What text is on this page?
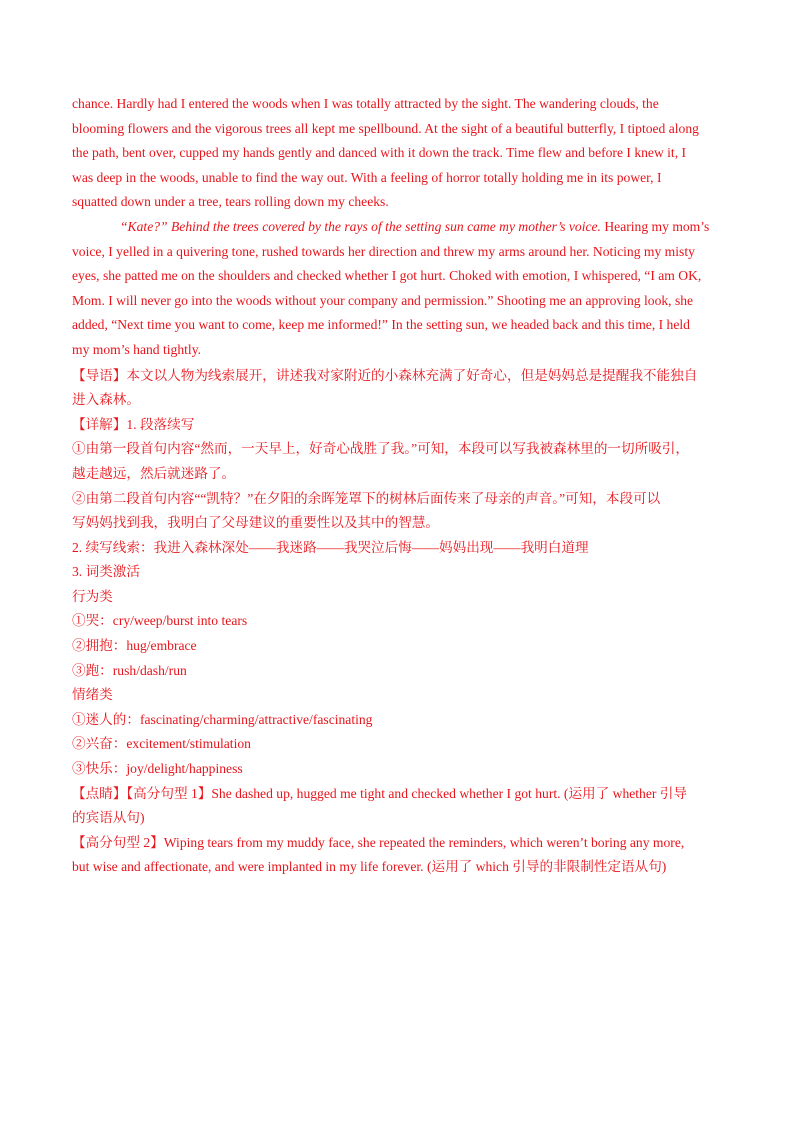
chance. Hardly had I entered the woods when I was totally attracted by the sight. The wandering clouds, the
blooming flowers and the vigorous trees all kept me spellbound. At the sight of a beautiful butterfly, I tiptoed along
the path, bent over, cupped my hands gently and danced with it down the track. Time flew and before I knew it, I
was deep in the woods, unable to find the way out. With a feeling of horror totally holding me in its power, I
squatted down under a tree, tears rolling down my cheeks.
“Kate?” Behind the trees covered by the rays of the setting sun came my mother’s voice. Hearing my mom’s
voice, I yelled in a quivering tone, rushed towards her direction and threw my arms around her. Noticing my misty
eyes, she patted me on the shoulders and checked whether I got hurt. Choked with emotion, I whispered, “I am OK,
Mom. I will never go into the woods without your company and permission.” Shooting me an approving look, she
added, “Next time you want to come, keep me informed!” In the setting sun, we headed back and this time, I held
my mom’s hand tightly.
【导语】本文以人物为线索展开，讲述我对家附近的小森林充满了好奇心，但是妈妈总是提醒我不能独自
进入森林。
【详解】1. 段落续写
①由第一段首句内容“然而，一天早上，好奇心战胜了我。”可知，本段可以写我被森林里的一切所吸引，
越走越远，然后就迷路了。
②由第二段首句内容““凯特？”在夕阳的余晖笼罩下的树林后面传来了母亲的声音。”可知，本段可以
写妈妈找到我，我明白了父母建议的重要性以及其中的智慧。
2. 续写线索：我进入森林深处——我迷路——我哭泣后悔——妈妈出现——我明白道理
3. 词类激活
行为类
①哭：cry/weep/burst into tears
②拥抱：hug/embrace
③跑：rush/dash/run
情绪类
①迷人的：fascinating/charming/attractive/fascinating
②兴奋：excitement/stimulation
③快乐：joy/delight/happiness
【点睛】【高分句型 1】She dashed up, hugged me tight and checked whether I got hurt. (运用了 whether 引导
的宾语从句)
【高分句型 2】Wiping tears from my muddy face, she repeated the reminders, which weren’t boring any more,
but wise and affectionate, and were implanted in my life forever. (运用了 which 引导的非限制性定语从句)
